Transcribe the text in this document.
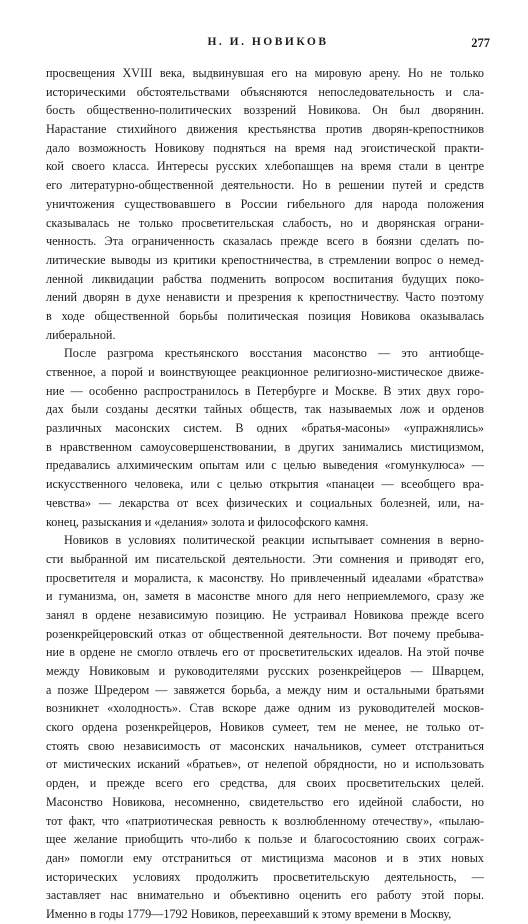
Н. И. НОВИКОВ	277
просвещения XVIII века, выдвинувшая его на мировую арену. Но не только
историческими обстоятельствами объясняются непоследовательность и сла-
бость общественно-политических воззрений Новикова. Он был дворянин.
Нарастание стихийного движения крестьянства против дворян-крепостников
дало возможность Новикову подняться на время над эгоистической практи-
кой своего класса. Интересы русских хлебопашцев на время стали в центре
его литературно-общественной деятельности. Но в решении путей и средств
уничтожения существовавшего в России гибельного для народа положения
сказывалась не только просветительская слабость, но и дворянская ограни-
ченность. Эта ограниченность сказалась прежде всего в боязни сделать по-
литические выводы из критики крепостничества, в стремлении вопрос о немед-
ленной ликвидации рабства подменить вопросом воспитания будущих поко-
лений дворян в духе ненависти и презрения к крепостничеству. Часто поэтому
в ходе общественной борьбы политическая позиция Новикова оказывалась
либеральной.
После разгрома крестьянского восстания масонство — это антиобще-
ственное, а порой и воинствующее реакционное религиозно-мистическое движе-
ние — особенно распространилось в Петербурге и Москве. В этих двух горо-
дах были созданы десятки тайных обществ, так называемых лож и орденов
различных масонских систем. В одних «братья-масоны» «упражнялись»
в нравственном самоусовершенствовании, в других занимались мистицизмом,
предавались алхимическим опытам или с целью выведения «гомункулюса» —
искусственного человека, или с целью открытия «панацеи — всеобщего вра-
чевства» — лекарства от всех физических и социальных болезней, или, на-
конец, разыскания и «делания» золота и философского камня.
Новиков в условиях политической реакции испытывает сомнения в верно-
сти выбранной им писательской деятельности. Эти сомнения и приводят его,
просветителя и моралиста, к масонству. Но привлеченный идеалами «братства»
и гуманизма, он, заметя в масонстве много для него неприемлемого, сразу же
занял в ордене независимую позицию. Не устраивал Новикова прежде всего
розенкрейцеровский отказ от общественной деятельности. Вот почему пребыва-
ние в ордене не смогло отвлечь его от просветительских идеалов. На этой почве
между Новиковым и руководителями русских розенкрейцеров — Шварцем,
а позже Шредером — завяжется борьба, а между ним и остальными братьями
возникнет «холодность». Став вскоре даже одним из руководителей москов-
ского ордена розенкрейцеров, Новиков сумеет, тем не менее, не только от-
стоять свою независимость от масонских начальников, сумеет отстраниться
от мистических исканий «братьев», от нелепой обрядности, но и использовать
орден, и прежде всего его средства, для своих просветительских целей.
Масонство Новикова, несомненно, свидетельство его идейной слабости, но
тот факт, что «патриотическая ревность к возлюбленному отечеству», «пылаю-
щее желание приобщить что-либо к пользе и благосостоянию своих сограж-
дан» помогли ему отстраниться от мистицизма масонов и в этих новых
исторических условиях продолжить просветительскую деятельность, —
заставляет нас внимательно и объективно оценить его работу этой поры.
Именно в годы 1779—1792 Новиков, переехавший к этому времени в Москву,
